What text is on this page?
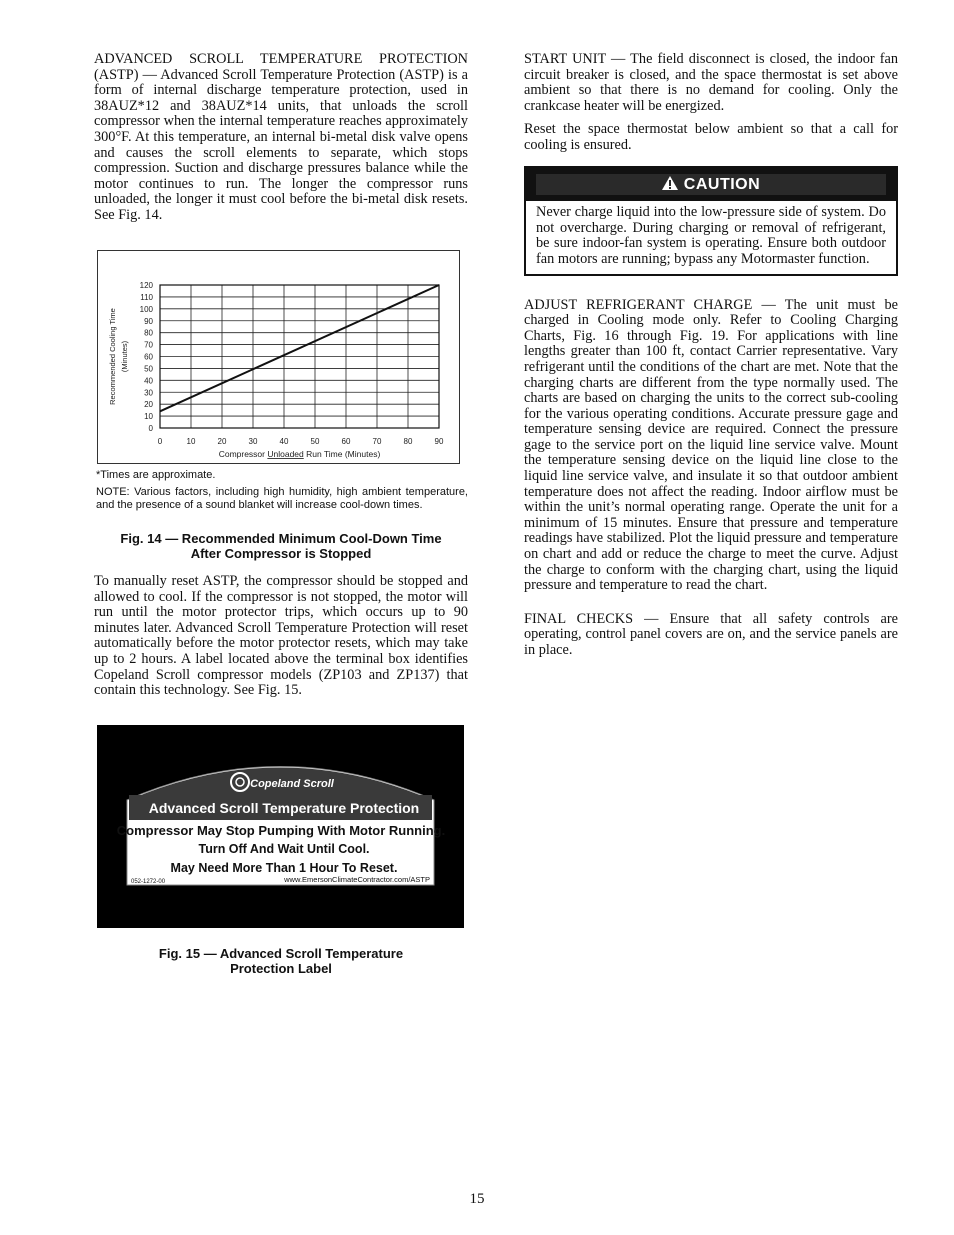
ADVANCED SCROLL TEMPERATURE PROTECTION (ASTP) — Advanced Scroll Temperature Protection (ASTP) is a form of internal discharge temperature protection, used in 38AUZ*12 and 38AUZ*14 units, that unloads the scroll compressor when the internal temperature reaches approximately 300°F. At this temperature, an internal bi-metal disk valve opens and causes the scroll elements to separate, which stops compression. Suction and discharge pressures balance while the motor continues to run. The longer the compressor runs unloaded, the longer it must cool before the bi-metal disk resets. See Fig. 14.

0
10
20
30
40
50
60
70
80
90
100
110
120
0	10	20	30	40	50	60	70	80	90
Compressor Unloaded Run Time (Minutes)
Recommended Cooling Time (Minutes)
*Times are approximate.
NOTE: Various factors, including high humidity, high ambient temperature, and the presence of a sound blanket will increase cool-down times.
Fig. 14 — Recommended Minimum Cool-Down Time
After Compressor is Stopped

To manually reset ASTP, the compressor should be stopped and allowed to cool. If the compressor is not stopped, the motor will run until the motor protector trips, which occurs up to 90 minutes later. Advanced Scroll Temperature Protection will reset automatically before the motor protector resets, which may take up to 2 hours. A label located above the terminal box identifies Copeland Scroll compressor models (ZP103 and ZP137) that contain this technology. See Fig. 15.

Copeland Scroll
Advanced Scroll Temperature Protection
Compressor May Stop Pumping With Motor Running.
Turn Off And Wait Until Cool.
May Need More Than 1 Hour To Reset.
052-1272-00	www.EmersonClimateContractor.com/ASTP
Fig. 15 — Advanced Scroll Temperature
Protection Label

START UNIT — The field disconnect is closed, the indoor fan circuit breaker is closed, and the space thermostat is set above ambient so that there is no demand for cooling. Only the crankcase heater will be energized.

Reset the space thermostat below ambient so that a call for cooling is ensured.

CAUTION
Never charge liquid into the low-pressure side of system. Do not overcharge. During charging or removal of refrigerant, be sure indoor-fan system is operating. Ensure both outdoor fan motors are running; bypass any Motormaster function.

ADJUST REFRIGERANT CHARGE — The unit must be charged in Cooling mode only. Refer to Cooling Charging Charts, Fig. 16 through Fig. 19. For applications with line lengths greater than 100 ft, contact Carrier representative. Vary refrigerant until the conditions of the chart are met. Note that the charging charts are different from the type normally used. The charts are based on charging the units to the correct sub-cooling for the various operating conditions. Accurate pressure gage and temperature sensing device are required. Connect the pressure gage to the service port on the liquid line service valve. Mount the temperature sensing device on the liquid line close to the liquid line service valve, and insulate it so that outdoor ambient temperature does not affect the reading. Indoor airflow must be within the unit’s normal operating range. Operate the unit for a minimum of 15 minutes. Ensure that pressure and temperature readings have stabilized. Plot the liquid pressure and temperature on chart and add or reduce the charge to meet the curve. Adjust the charge to conform with the charging chart, using the liquid pressure and temperature to read the chart.

FINAL CHECKS — Ensure that all safety controls are operating, control panel covers are on, and the service panels are in place.

15
